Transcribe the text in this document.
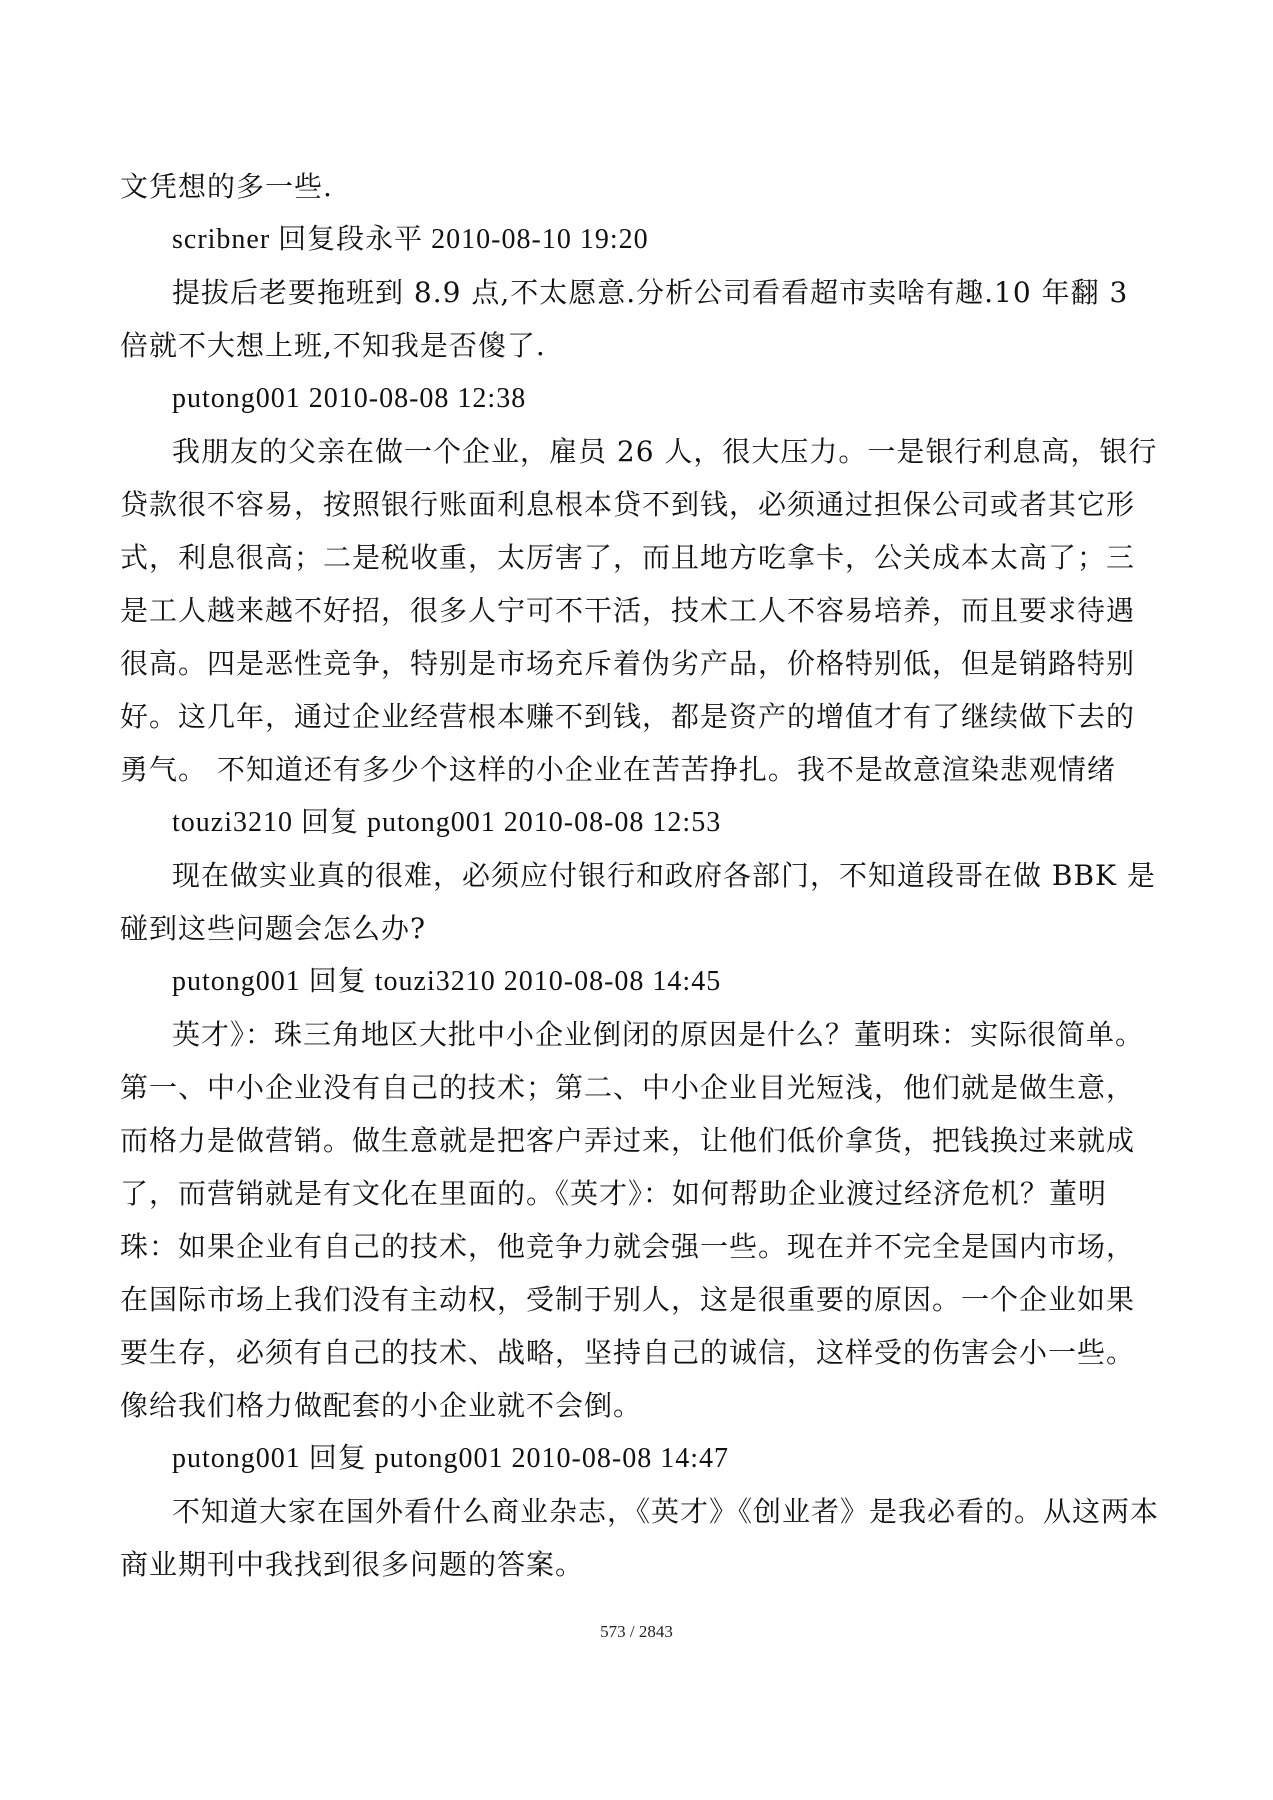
文凭想的多一些.

scribner 回复段永平 2010-08-10 19:20

提拔后老要拖班到 8.9 点,不太愿意.分析公司看看超市卖啥有趣.10 年翻 3 倍就不大想上班,不知我是否傻了.

putong001 2010-08-08 12:38

我朋友的父亲在做一个企业，雇员 26 人，很大压力。一是银行利息高，银行贷款很不容易，按照银行账面利息根本贷不到钱，必须通过担保公司或者其它形式，利息很高；二是税收重，太厉害了，而且地方吃拿卡，公关成本太高了；三是工人越来越不好招，很多人宁可不干活，技术工人不容易培养，而且要求待遇很高。四是恶性竞争，特别是市场充斥着伪劣产品，价格特别低，但是销路特别好。这几年，通过企业经营根本赚不到钱，都是资产的增值才有了继续做下去的勇气。 不知道还有多少个这样的小企业在苦苦挣扎。我不是故意渲染悲观情绪

touzi3210 回复 putong001 2010-08-08 12:53

现在做实业真的很难，必须应付银行和政府各部门，不知道段哥在做 BBK 是碰到这些问题会怎么办?

putong001 回复 touzi3210 2010-08-08 14:45

英才》：珠三角地区大批中小企业倒闭的原因是什么？董明珠：实际很简单。第一、中小企业没有自己的技术；第二、中小企业目光短浅，他们就是做生意，而格力是做营销。做生意就是把客户弄过来，让他们低价拿货，把钱换过来就成了，而营销就是有文化在里面的。《英才》：如何帮助企业渡过经济危机？董明珠：如果企业有自己的技术，他竞争力就会强一些。现在并不完全是国内市场，在国际市场上我们没有主动权，受制于别人，这是很重要的原因。一个企业如果要生存，必须有自己的技术、战略，坚持自己的诚信，这样受的伤害会小一些。像给我们格力做配套的小企业就不会倒。

putong001 回复 putong001 2010-08-08 14:47

不知道大家在国外看什么商业杂志，《英才》《创业者》是我必看的。从这两本商业期刊中我找到很多问题的答案。

573 / 2843
